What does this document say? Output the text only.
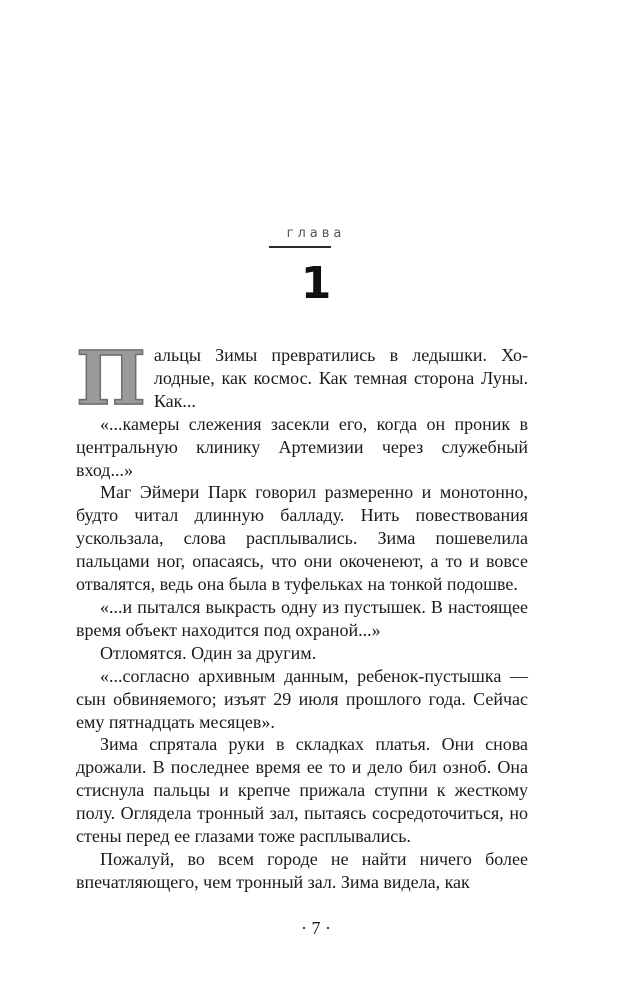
глава
1

П альцы Зимы превратились в ледышки. Холодные, как космос. Как темная сторона Луны. Как...

«...камеры слежения засекли его, когда он проник в центральную клинику Артемизии через служебный вход...»

Маг Эймери Парк говорил размеренно и монотонно, будто читал длинную балладу. Нить повествования ускользала, слова расплывались. Зима пошевелила пальцами ног, опасаясь, что они окоченеют, а то и вовсе отвалятся, ведь она была в туфельках на тонкой подошве.

«...и пытался выкрасть одну из пустышек. В настоящее время объект находится под охраной...»

Отломятся. Один за другим.

«...согласно архивным данным, ребенок-пустышка — сын обвиняемого; изъят 29 июля прошлого года. Сейчас ему пятнадцать месяцев».

Зима спрятала руки в складках платья. Они снова дрожали. В последнее время ее то и дело бил озноб. Она стиснула пальцы и крепче прижала ступни к жесткому полу. Оглядела тронный зал, пытаясь сосредоточиться, но стены перед ее глазами тоже расплывались.

Пожалуй, во всем городе не найти ничего более впечатляющего, чем тронный зал. Зима видела, как

· 7 ·
